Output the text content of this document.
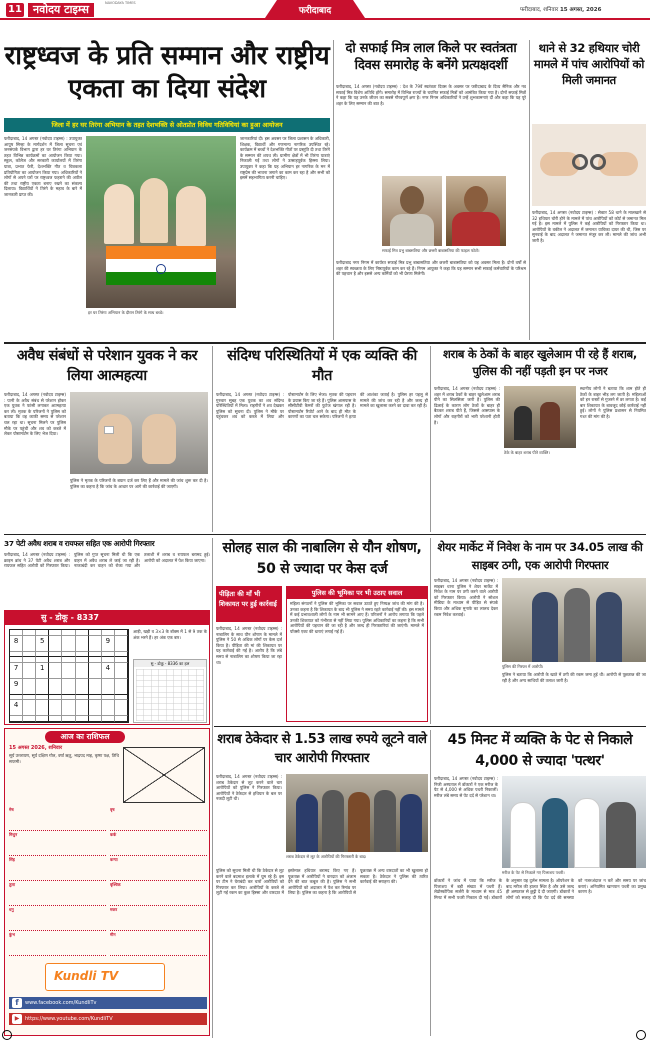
11	नवोदय टाइम्स	NAVODAYA TIMES
फरीदाबाद	फरीदाबाद, शनिवार 15 अगस्त, 2026
राष्ट्रध्वज के प्रति सम्मान और राष्ट्रीय एकता का दिया संदेश
जिला में हर घर तिरंगा अभियान के तहत देशभक्ति से ओतप्रोत विविध गतिविधियां का हुआ आयोजन
फरीदाबाद, 14 अगस्त (नवोदय टाइम्स) : उपायुक्त आयुष सिन्हा के मार्गदर्शन में जिला सूचना एवं जनसंपर्क विभाग द्वारा हर घर तिरंगा अभियान के तहत विभिन्न कार्यक्रमों का आयोजन किया गया। स्कूल, कॉलेज और सरकारी कार्यालयों में तिरंगा यात्रा, प्रभात फेरी, देशभक्ति गीत व चित्रकला प्रतियोगिता का आयोजन किया गया। अधिकारियों ने लोगों से अपने घरों पर राष्ट्रध्वज फहराने की अपील की तथा राष्ट्रीय एकता बनाए रखने का संकल्प दिलाया। विद्यार्थियों ने तिरंगे के महत्व के बारे में जानकारी प्राप्त की।
हर घर तिरंगा अभियान के दौरान तिरंगे के साथ बच्चे।
जानकारियां दी। इस अवसर पर जिला प्रशासन के अधिकारी, शिक्षक, विद्यार्थी और गणमान्य नागरिक उपस्थित रहे। कार्यक्रम में बच्चों ने देशभक्ति गीतों पर प्रस्तुति दी तथा तिरंगे के सम्मान की शपथ ली। ग्रामीण क्षेत्रों में भी तिरंगा यात्राएं निकाली गईं तथा लोगों ने उत्साहपूर्वक हिस्सा लिया। उपायुक्त ने कहा कि यह अभियान हर नागरिक के मन में राष्ट्रप्रेम की भावना जगाने का काम कर रहा है और सभी को इसमें सहभागिता करनी चाहिए।
दो सफाई मित्र लाल किले पर स्वतंत्रता दिवस समारोह के बनेंगे प्रत्यक्षदर्शी
फरीदाबाद, 14 अगस्त (नवोदय टाइम्स) : देश के 79वें स्वतंत्रता दिवस के अवसर पर फरीदाबाद के दिव्य सैनिक और नव सफाई मित्र विशेष अतिथि होंगे। समारोह में विभिन्न राज्यों के चयनित सफाई मित्रों को आमंत्रित किया गया है। दोनों सफाई मित्रों ने कहा कि यह उनके जीवन का सबसे गौरवपूर्ण क्षण है। नगर निगम अधिकारियों ने उन्हें शुभकामनाएं दीं और कहा कि यह पूरे शहर के लिए सम्मान की बात है।
सफाई मित्र प्रभु बाबसतिया और छत्तरी बाबासतिया की फाइल फोटो।
फरीदाबाद नगर निगम में कार्यरत सफाई मित्र प्रभु बाबासतिया और छत्तरी बाबासतिया को यह अवसर मिला है। दोनों वर्षों से शहर की स्वच्छता के लिए निष्ठापूर्वक काम कर रहे हैं। निगम आयुक्त ने कहा कि यह सम्मान सभी सफाई कर्मचारियों के परिश्रम की पहचान है और इससे अन्य कर्मियों को भी प्रेरणा मिलेगी।
थाने से 32 हथियार चोरी मामले में पांच आरोपियों को मिली जमानत
फरीदाबाद, 14 अगस्त (नवोदय टाइम्स) : सेक्टर 58 थाने के मालखाने से 32 हथियार चोरी होने के मामले में पांच आरोपियों को कोर्ट से जमानत मिल गई है। इस मामले में पुलिस ने कई आरोपियों को गिरफ्तार किया था। आरोपियों के वकील ने अदालत में जमानत याचिका दायर की थी, जिस पर सुनवाई के बाद अदालत ने जमानत मंजूर कर ली। मामले की जांच अभी जारी है।
अवैध संबंधों से परेशान युवक ने कर लिया आत्महत्या
फरीदाबाद, 14 अगस्त (नवोदय टाइम्स) : पत्नी के अवैध संबंध से परेशान होकर एक युवक ने फांसी लगाकर आत्महत्या कर ली। मृतक के परिजनों ने पुलिस को बताया कि वह काफी समय से परेशान चल रहा था। सूचना मिलने पर पुलिस मौके पर पहुंची और शव को कब्जे में लेकर पोस्टमार्टम के लिए भेज दिया।
पुलिस ने मृतक के परिजनों के बयान दर्ज कर लिए हैं और मामले की जांच शुरू कर दी है। पुलिस का कहना है कि जांच के आधार पर आगे की कार्रवाई की जाएगी।
संदिग्ध परिस्थितियों में एक व्यक्ति की मौत
फरीदाबाद, 14 अगस्त (नवोदय टाइम्स) : गुरुवार सुबह एक युवक का शव संदिग्ध परिस्थितियों में मिला। राहगीरों ने शव देखकर पुलिस को सूचना दी। पुलिस ने मौके पर पहुंचकर शव को कब्जे में लिया और पोस्टमार्टम के लिए भेजा। मृतक की पहचान के प्रयास किए जा रहे हैं। पुलिस आसपास के सीसीटीवी कैमरों की फुटेज खंगाल रही है। पोस्टमार्टम रिपोर्ट आने के बाद ही मौत के कारणों का पता चल सकेगा। परिजनों ने हत्या की आशंका जताई है। पुलिस हर पहलू से मामले की जांच कर रही है और जल्द ही मामले का खुलासा करने का दावा कर रही है।
शराब के ठेकों के बाहर खुलेआम पी रहे हैं शराब, पुलिस की नहीं पड़ती इन पर नजर
फरीदाबाद, 14 अगस्त (नवोदय टाइम्स) : शहर में शराब ठेकों के बाहर खुलेआम शराब पीने का सिलसिला जारी है। पुलिस की ढिलाई के कारण लोग ठेकों के बाहर ही बैठकर शराब पीते हैं, जिससे आसपास के लोगों और राहगीरों को भारी परेशानी होती है।
ठेके के बाहर शराब पीते व्यक्ति।
स्थानीय लोगों ने बताया कि शाम होते ही ठेकों के बाहर भीड़ लग जाती है। महिलाओं को इन रास्तों से गुजरने में डर लगता है। कई बार शिकायत के बावजूद कोई कार्रवाई नहीं हुई। लोगों ने पुलिस प्रशासन से नियमित गश्त की मांग की है।
37 पेटी अवैध शराब व रायफल सहित एक आरोपी गिरफ्तार
फरीदाबाद, 14 अगस्त (नवोदय टाइम्स) : क्राइम ब्रांच ने 37 पेटी अवैध शराब और रायफल सहित आरोपी को गिरफ्तार किया। पुलिस को गुप्त सूचना मिली थी कि एक वाहन में अवैध शराब ले जाई जा रही है। नाकाबंदी कर वाहन को रोका गया और तलाशी में शराब व रायफल बरामद हुई। आरोपी को अदालत में पेश किया जाएगा।
सु - डोकू - 8337
8	5	9
7	1	4
9
4
आड़ी, खड़ी व 3×3 के बॉक्स में 1 से 9 तक के अंक भरने हैं। हर अंक एक बार।
सु - डोकू - 8336 का हल
आज का राशिफल
15 अगस्त 2026, शनिवार
सूर्य उत्तरायण, सूर्य दक्षिण गोल, वर्षा ऋतु, भाद्रपद माह, कृष्ण पक्ष, तिथि सप्तमी।
मेष	वृष
मिथुन	कर्क
सिंह	कन्या
तुला	वृश्चिक
धनु	मकर
कुंभ	मीन
Kundli TV
f	www.facebook.com/KundliTv
▶	https://www.youtube.com/KundliTV
सोलह साल की नाबालिग से यौन शोषण, 50 से ज्यादा पर केस दर्ज
पीड़िता की माँ भी शिकायत पर हुई कार्रवाई
फरीदाबाद, 14 अगस्त (नवोदय टाइम्स) : नाबालिग के साथ यौन शोषण के मामले में पुलिस ने 50 से अधिक लोगों पर केस दर्ज किया है। पीड़िता की मां की शिकायत पर यह कार्रवाई की गई है। आरोप है कि लंबे समय से नाबालिग का शोषण किया जा रहा था।
पुलिस की भूमिका पर भी उठाए सवाल
महिला संगठनों ने पुलिस की भूमिका पर सवाल उठाते हुए निष्पक्ष जांच की मांग की है। उनका कहना है कि शिकायत के बाद भी पुलिस ने समय रहते कार्रवाई नहीं की। इस मामले में कई प्रभावशाली लोगों के नाम भी सामने आए हैं। परिजनों ने आरोप लगाया कि पहले उनकी शिकायत को गंभीरता से नहीं लिया गया। पुलिस अधिकारियों का कहना है कि सभी आरोपियों की पहचान की जा रही है और जल्द ही गिरफ्तारियां की जाएंगी। मामले में पॉक्सो एक्ट की धाराएं लगाई गई हैं।
शेयर मार्केट में निवेश के नाम पर 34.05 लाख की साइबर ठगी, एक आरोपी गिरफ्तार
फरीदाबाद, 14 अगस्त (नवोदय टाइम्स) : साइबर थाना पुलिस ने शेयर मार्केट में निवेश के नाम पर ठगी करने वाले आरोपी को गिरफ्तार किया। आरोपी ने सोशल मीडिया के माध्यम से पीड़ित से संपर्क किया और अधिक मुनाफे का लालच देकर रकम निवेश करवाई।
पुलिस की गिरफ्त में आरोपी।
पुलिस ने बताया कि आरोपी के खाते में ठगी की रकम जमा हुई थी। आरोपी से पूछताछ की जा रही है और अन्य साथियों की तलाश जारी है।
शराब ठेकेदार से 1.53 लाख रुपये लूटने वाले चार आरोपी गिरफ्तार
फरीदाबाद, 14 अगस्त (नवोदय टाइम्स) : शराब ठेकेदार से लूट करने वाले चार आरोपियों को पुलिस ने गिरफ्तार किया। आरोपियों ने ठेकेदार से हथियार के बल पर नकदी लूटी थी।
शराब ठेकेदार से लूट के आरोपियों की गिरफ्तारी के बाद।
पुलिस को सूचना मिली थी कि ठेकेदार से लूट करने वाले बदमाश इलाके में घूम रहे हैं। इस पर टीम ने घेराबंदी कर चारों आरोपियों को गिरफ्तार कर लिया। आरोपियों के कब्जे से लूटी गई रकम का कुछ हिस्सा और वारदात में इस्तेमाल हथियार बरामद किए गए हैं। पूछताछ में आरोपियों ने वारदात को अंजाम देने की बात कबूल की है। पुलिस ने सभी आरोपियों को अदालत में पेश कर रिमांड पर लिया है। पुलिस का कहना है कि आरोपियों से पूछताछ में अन्य वारदातों का भी खुलासा हो सकता है। ठेकेदार ने पुलिस की त्वरित कार्रवाई की सराहना की।
45 मिनट में व्यक्ति के पेट से निकाले 4,000 से ज्यादा 'पत्थर'
फरीदाबाद, 14 अगस्त (नवोदय टाइम्स) : निजी अस्पताल में डॉक्टरों ने एक मरीज के पेट से 4,000 से अधिक पथरी निकालीं। मरीज लंबे समय से पेट दर्द से परेशान था।
मरीज के पेट से निकाले गए पित्ताशय पथरी।
डॉक्टरों ने जांच में पाया कि मरीज के पित्ताशय में बड़ी संख्या में पथरी हैं। लेप्रोस्कोपिक सर्जरी के माध्यम से मात्र 45 मिनट में सभी पथरी निकाल दी गईं। डॉक्टरों के अनुसार यह दुर्लभ मामला है। ऑपरेशन के बाद मरीज की हालत स्थिर है और उसे जल्द ही अस्पताल से छुट्टी दे दी जाएगी। डॉक्टरों ने लोगों को सलाह दी कि पेट दर्द की समस्या को नजरअंदाज न करें और समय पर जांच कराएं। अनियमित खानपान पथरी का प्रमुख कारण है।
